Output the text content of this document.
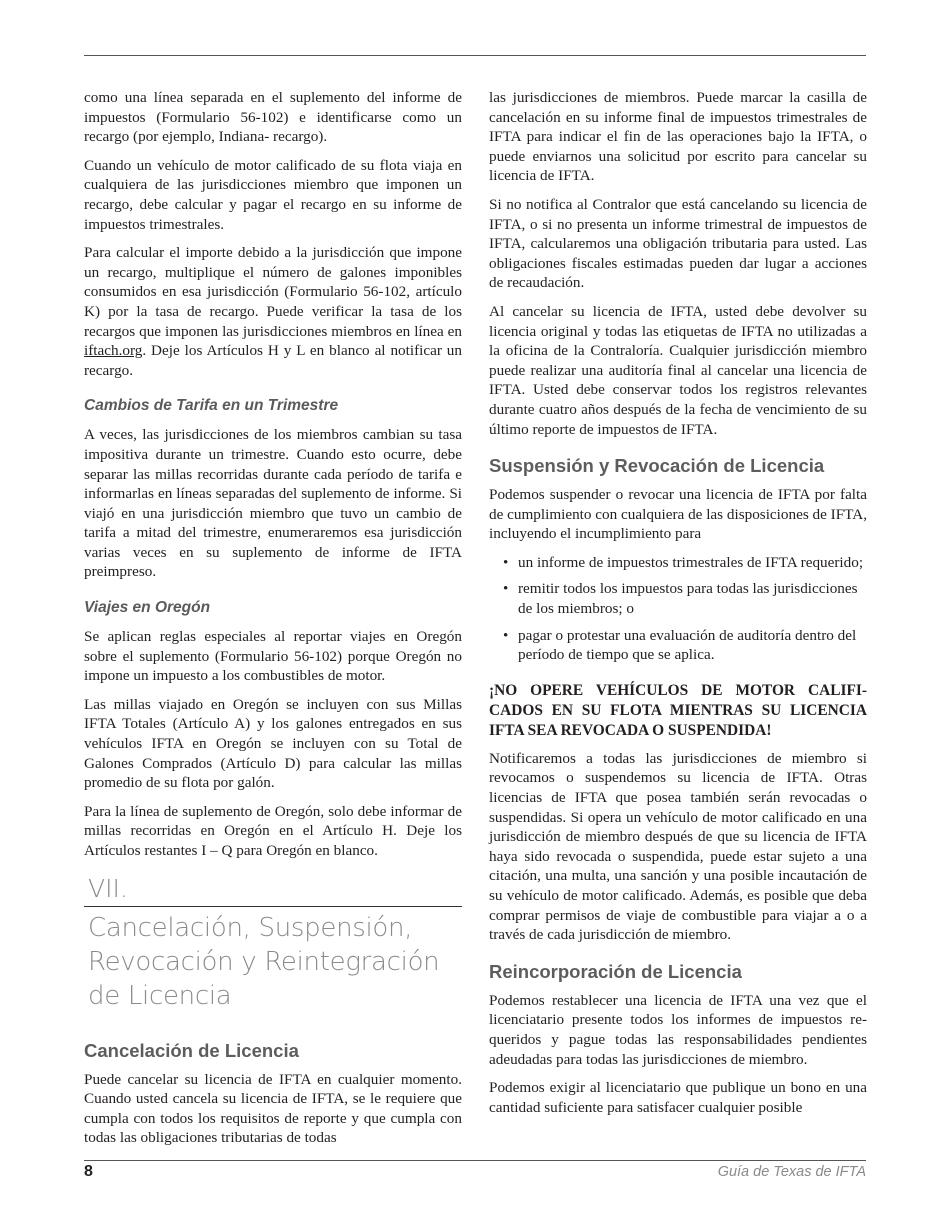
como una línea separada en el suplemento del informe de impuestos (Formulario 56-102) e identificarse como un recargo (por ejemplo, Indiana- recargo).

Cuando un vehículo de motor calificado de su flota viaja en cualquiera de las jurisdicciones miembro que imponen un recargo, debe calcular y pagar el recargo en su informe de impuestos trimestrales.

Para calcular el importe debido a la jurisdicción que impone un recargo, multiplique el número de galones imponibles consumidos en esa jurisdicción (Formulario 56-102, artículo K) por la tasa de recargo. Puede verificar la tasa de los recargos que imponen las jurisdicciones miembros en línea en iftach.org. Deje los Artículos H y L en blanco al notificar un recargo.

Cambios de Tarifa en un Trimestre

A veces, las jurisdicciones de los miembros cambian su tasa impositiva durante un trimestre. Cuando esto ocurre, debe separar las millas recorridas durante cada período de tarifa e informarlas en líneas separadas del suplemento de informe. Si viajó en una jurisdicción miembro que tuvo un cambio de tarifa a mitad del trimestre, enumeraremos esa jurisdicción varias veces en su suplemento de informe de IFTA preimpreso.

Viajes en Oregón

Se aplican reglas especiales al reportar viajes en Oregón sobre el suplemento (Formulario 56-102) porque Oregón no impone un impuesto a los combustibles de motor.

Las millas viajado en Oregón se incluyen con sus Millas IFTA Totales (Artículo A) y los galones entregados en sus vehículos IFTA en Oregón se incluyen con su Total de Galones Comprados (Artículo D) para calcular las millas promedio de su flota por galón.

Para la línea de suplemento de Oregón, solo debe informar de millas recorridas en Oregón en el Artículo H. Deje los Artículos restantes I – Q para Oregón en blanco.

VII.
Cancelación, Suspensión, Revocación y Reintegración de Licencia
Cancelación de Licencia

Puede cancelar su licencia de IFTA en cualquier momento. Cuando usted cancela su licencia de IFTA, se le requiere que cumpla con todos los requisitos de reporte y que cumpla con todas las obligaciones tributarias de todas

las jurisdicciones de miembros. Puede marcar la casilla de cancelación en su informe final de impuestos trimestrales de IFTA para indicar el fin de las operaciones bajo la IFTA, o puede enviarnos una solicitud por escrito para cancelar su licencia de IFTA.

Si no notifica al Contralor que está cancelando su licencia de IFTA, o si no presenta un informe trimestral de impuestos de IFTA, calcularemos una obligación tributaria para usted. Las obligaciones fiscales estimadas pueden dar lugar a acciones de recaudación.

Al cancelar su licencia de IFTA, usted debe devolver su licencia original y todas las etiquetas de IFTA no utilizadas a la oficina de la Contraloría. Cualquier jurisdicción miembro puede realizar una auditoría final al cancelar una licencia de IFTA. Usted debe conservar todos los registros relevantes durante cuatro años después de la fecha de vencimiento de su último reporte de impuestos de IFTA.

Suspensión y Revocación de Licencia

Podemos suspender o revocar una licencia de IFTA por falta de cumplimiento con cualquiera de las disposiciones de IFTA, incluyendo el incumplimiento para

• un informe de impuestos trimestrales de IFTA requerido;
• remitir todos los impuestos para todas las jurisdicciones de los miembros; o
• pagar o protestar una evaluación de auditoría dentro del período de tiempo que se aplica.
¡NO OPERE VEHÍCULOS DE MOTOR CALIFICADOS EN SU FLOTA MIENTRAS SU LICENCIA IFTA SEA REVOCADA O SUSPENDIDA!

Notificaremos a todas las jurisdicciones de miembro si revocamos o suspendemos su licencia de IFTA. Otras licencias de IFTA que posea también serán revocadas o suspendidas. Si opera un vehículo de motor calificado en una jurisdicción de miembro después de que su licencia de IFTA haya sido revocada o suspendida, puede estar sujeto a una citación, una multa, una sanción y una posible incautación de su vehículo de motor calificado. Además, es posible que deba comprar permisos de viaje de combustible para viajar a o a través de cada jurisdicción de miembro.

Reincorporación de Licencia

Podemos restablecer una licencia de IFTA una vez que el licenciatario presente todos los informes de impuestos requeridos y pague todas las responsabilidades pendientes adeudadas para todas las jurisdicciones de miembro.

Podemos exigir al licenciatario que publique un bono en una cantidad suficiente para satisfacer cualquier posible

8	Guía de Texas de IFTA
